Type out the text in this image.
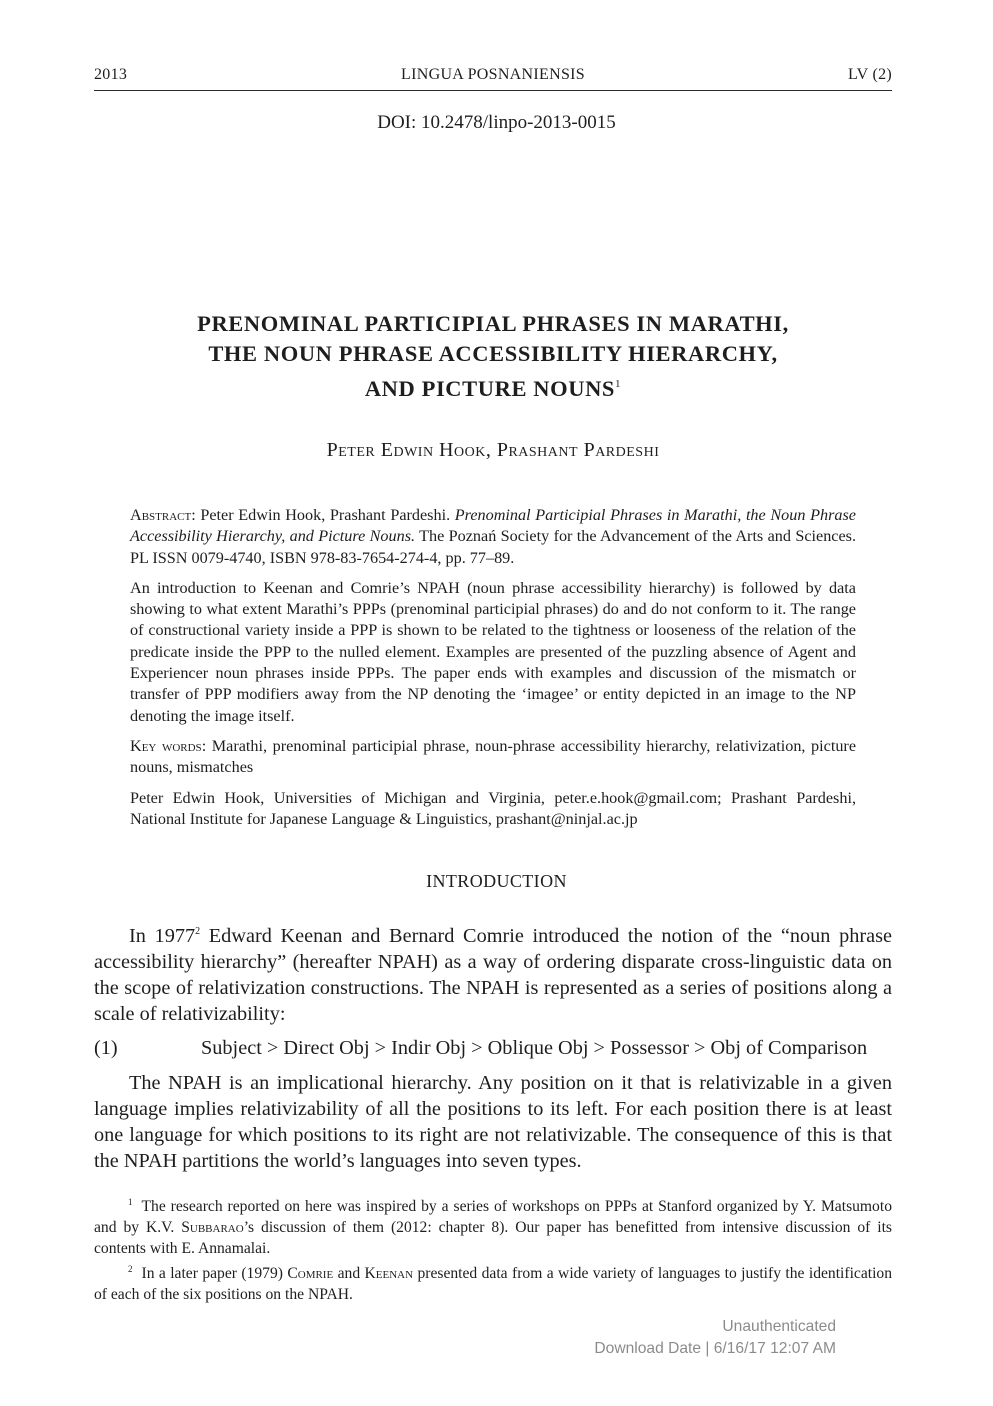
2013	LINGUA POSNANIENSIS	LV (2)
DOI: 10.2478/linpo-2013-0015
PRENOMINAL PARTICIPIAL PHRASES IN MARATHI,
THE NOUN PHRASE ACCESSIBILITY HIERARCHY,
AND PICTURE NOUNS$^1$
Peter Edwin Hook, Prashant Pardeshi

Abstract: Peter Edwin Hook, Prashant Pardeshi. Prenominal Participial Phrases in Marathi, the Noun Phrase Accessibility Hierarchy, and Picture Nouns. The Poznań Society for the Advancement of the Arts and Sciences. PL ISSN 0079-4740, ISBN 978-83-7654-274-4, pp. 77–89.

An introduction to Keenan and Comrie’s NPAH (noun phrase accessibility hierarchy) is followed by data showing to what extent Marathi’s PPPs (prenominal participial phrases) do and do not conform to it. The range of constructional variety inside a PPP is shown to be related to the tightness or looseness of the relation of the predicate inside the PPP to the nulled element. Examples are presented of the puzzling absence of Agent and Experiencer noun phrases inside PPPs. The paper ends with examples and discussion of the mismatch or transfer of PPP modifiers away from the NP denoting the ‘imagee’ or entity depicted in an image to the NP denoting the image itself.

Key words: Marathi, prenominal participial phrase, noun-phrase accessibility hierarchy, relativization, picture nouns, mismatches

Peter Edwin Hook, Universities of Michigan and Virginia, peter.e.hook@gmail.com; Prashant Pardeshi, National Institute for Japanese Language & Linguistics, prashant@ninjal.ac.jp

INTRODUCTION

In 1977$^2$ Edward Keenan and Bernard Comrie introduced the notion of the “noun phrase accessibility hierarchy” (hereafter NPAH) as a way of ordering disparate cross-linguistic data on the scope of relativization constructions. The NPAH is represented as a series of positions along a scale of relativizability:

(1)	Subject > Direct Obj > Indir Obj > Oblique Obj > Possessor > Obj of Comparison

The NPAH is an implicational hierarchy. Any position on it that is relativizable in a given language implies relativizability of all the positions to its left. For each position there is at least one language for which positions to its right are not relativizable. The consequence of this is that the NPAH partitions the world’s languages into seven types.

$^1$ The research reported on here was inspired by a series of workshops on PPPs at Stanford organized by Y. Matsumoto and by K.V. Subbarao’s discussion of them (2012: chapter 8). Our paper has benefitted from intensive discussion of its contents with E. Annamalai.

$^2$ In a later paper (1979) Comrie and Keenan presented data from a wide variety of languages to justify the identification of each of the six positions on the NPAH.

Unauthenticated
Download Date | 6/16/17 12:07 AM
